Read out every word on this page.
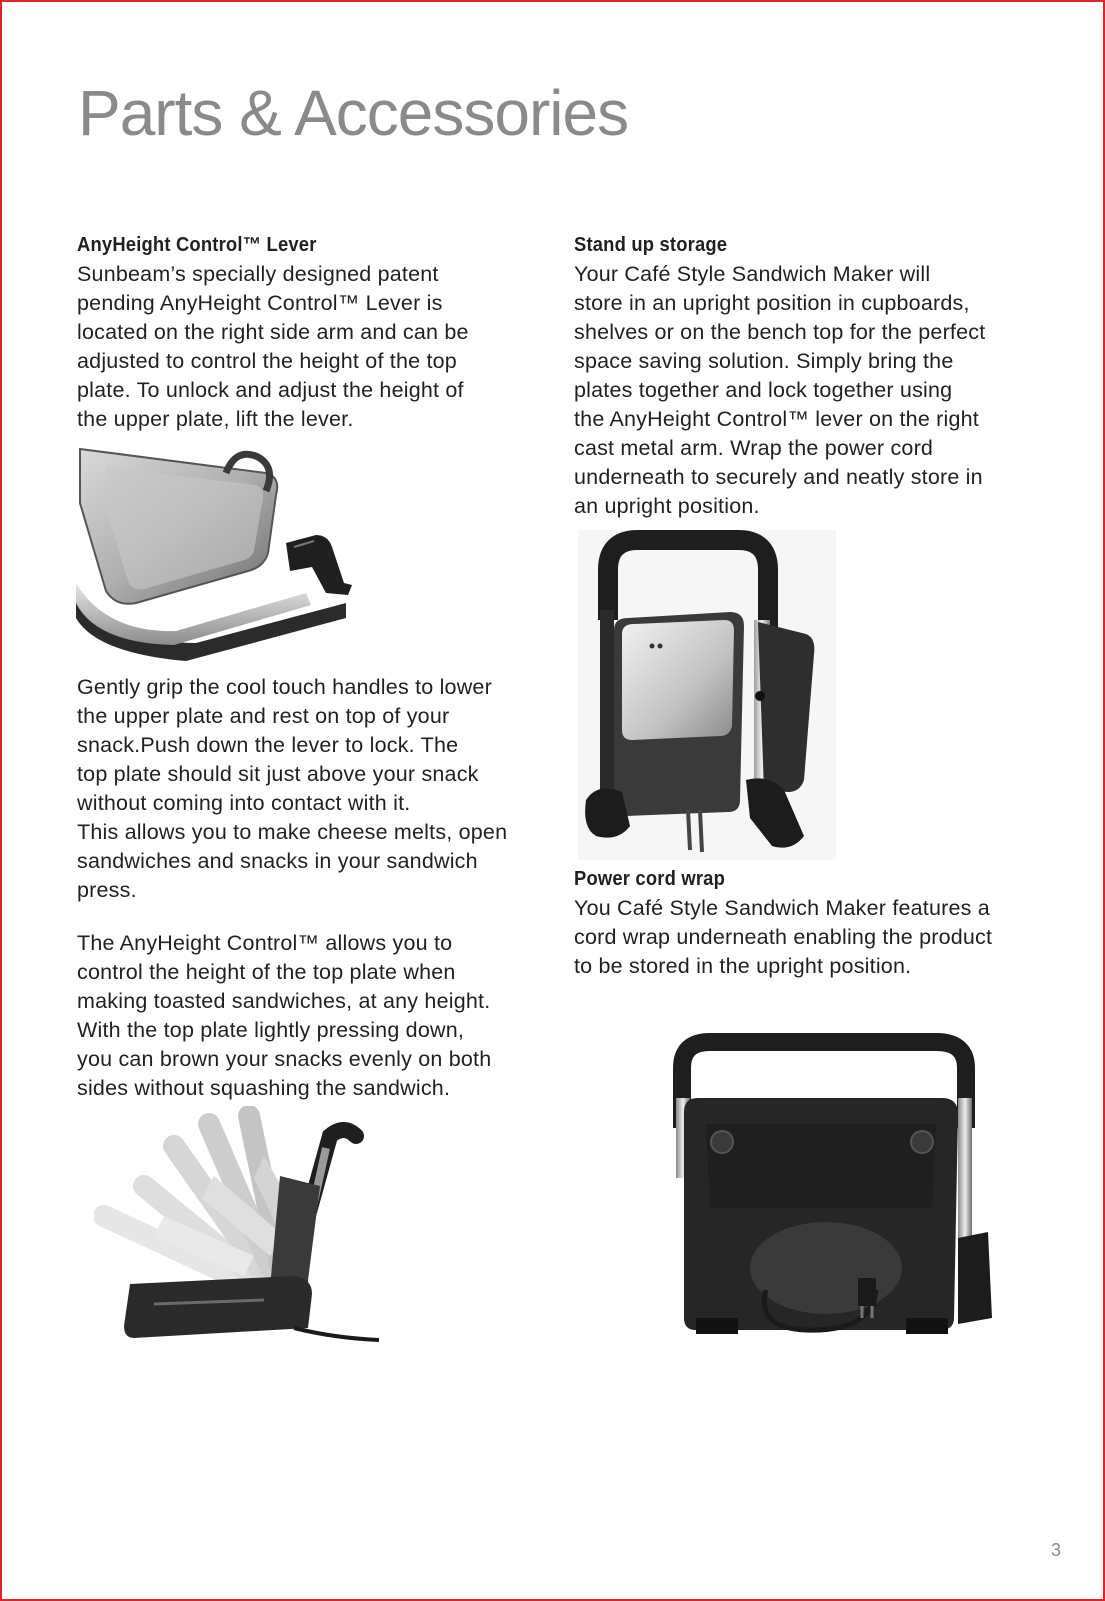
Parts & Accessories
AnyHeight Control™ Lever
Sunbeam’s specially designed patent
pending AnyHeight Control™ Lever is
located on the right side arm and can be
adjusted to control the height of the top
plate. To unlock and adjust the height of
the upper plate, lift the lever.
Gently grip the cool touch handles to lower
the upper plate and rest on top of your
snack.Push down the lever to lock. The
top plate should sit just above your snack
without coming into contact with it.
This allows you to make cheese melts, open
sandwiches and snacks in your sandwich
press.
The AnyHeight Control™ allows you to
control the height of the top plate when
making toasted sandwiches, at any height.
With the top plate lightly pressing down,
you can brown your snacks evenly on both
sides without squashing the sandwich.
Stand up storage
Your Café Style Sandwich Maker will
store in an upright position in cupboards,
shelves or on the bench top for the perfect
space saving solution. Simply bring the
plates together and lock together using
the AnyHeight Control™ lever on the right
cast metal arm. Wrap the power cord
underneath to securely and neatly store in
an upright position.
Power cord wrap
You Café Style Sandwich Maker features a
cord wrap underneath enabling the product
to be stored in the upright position.
3
